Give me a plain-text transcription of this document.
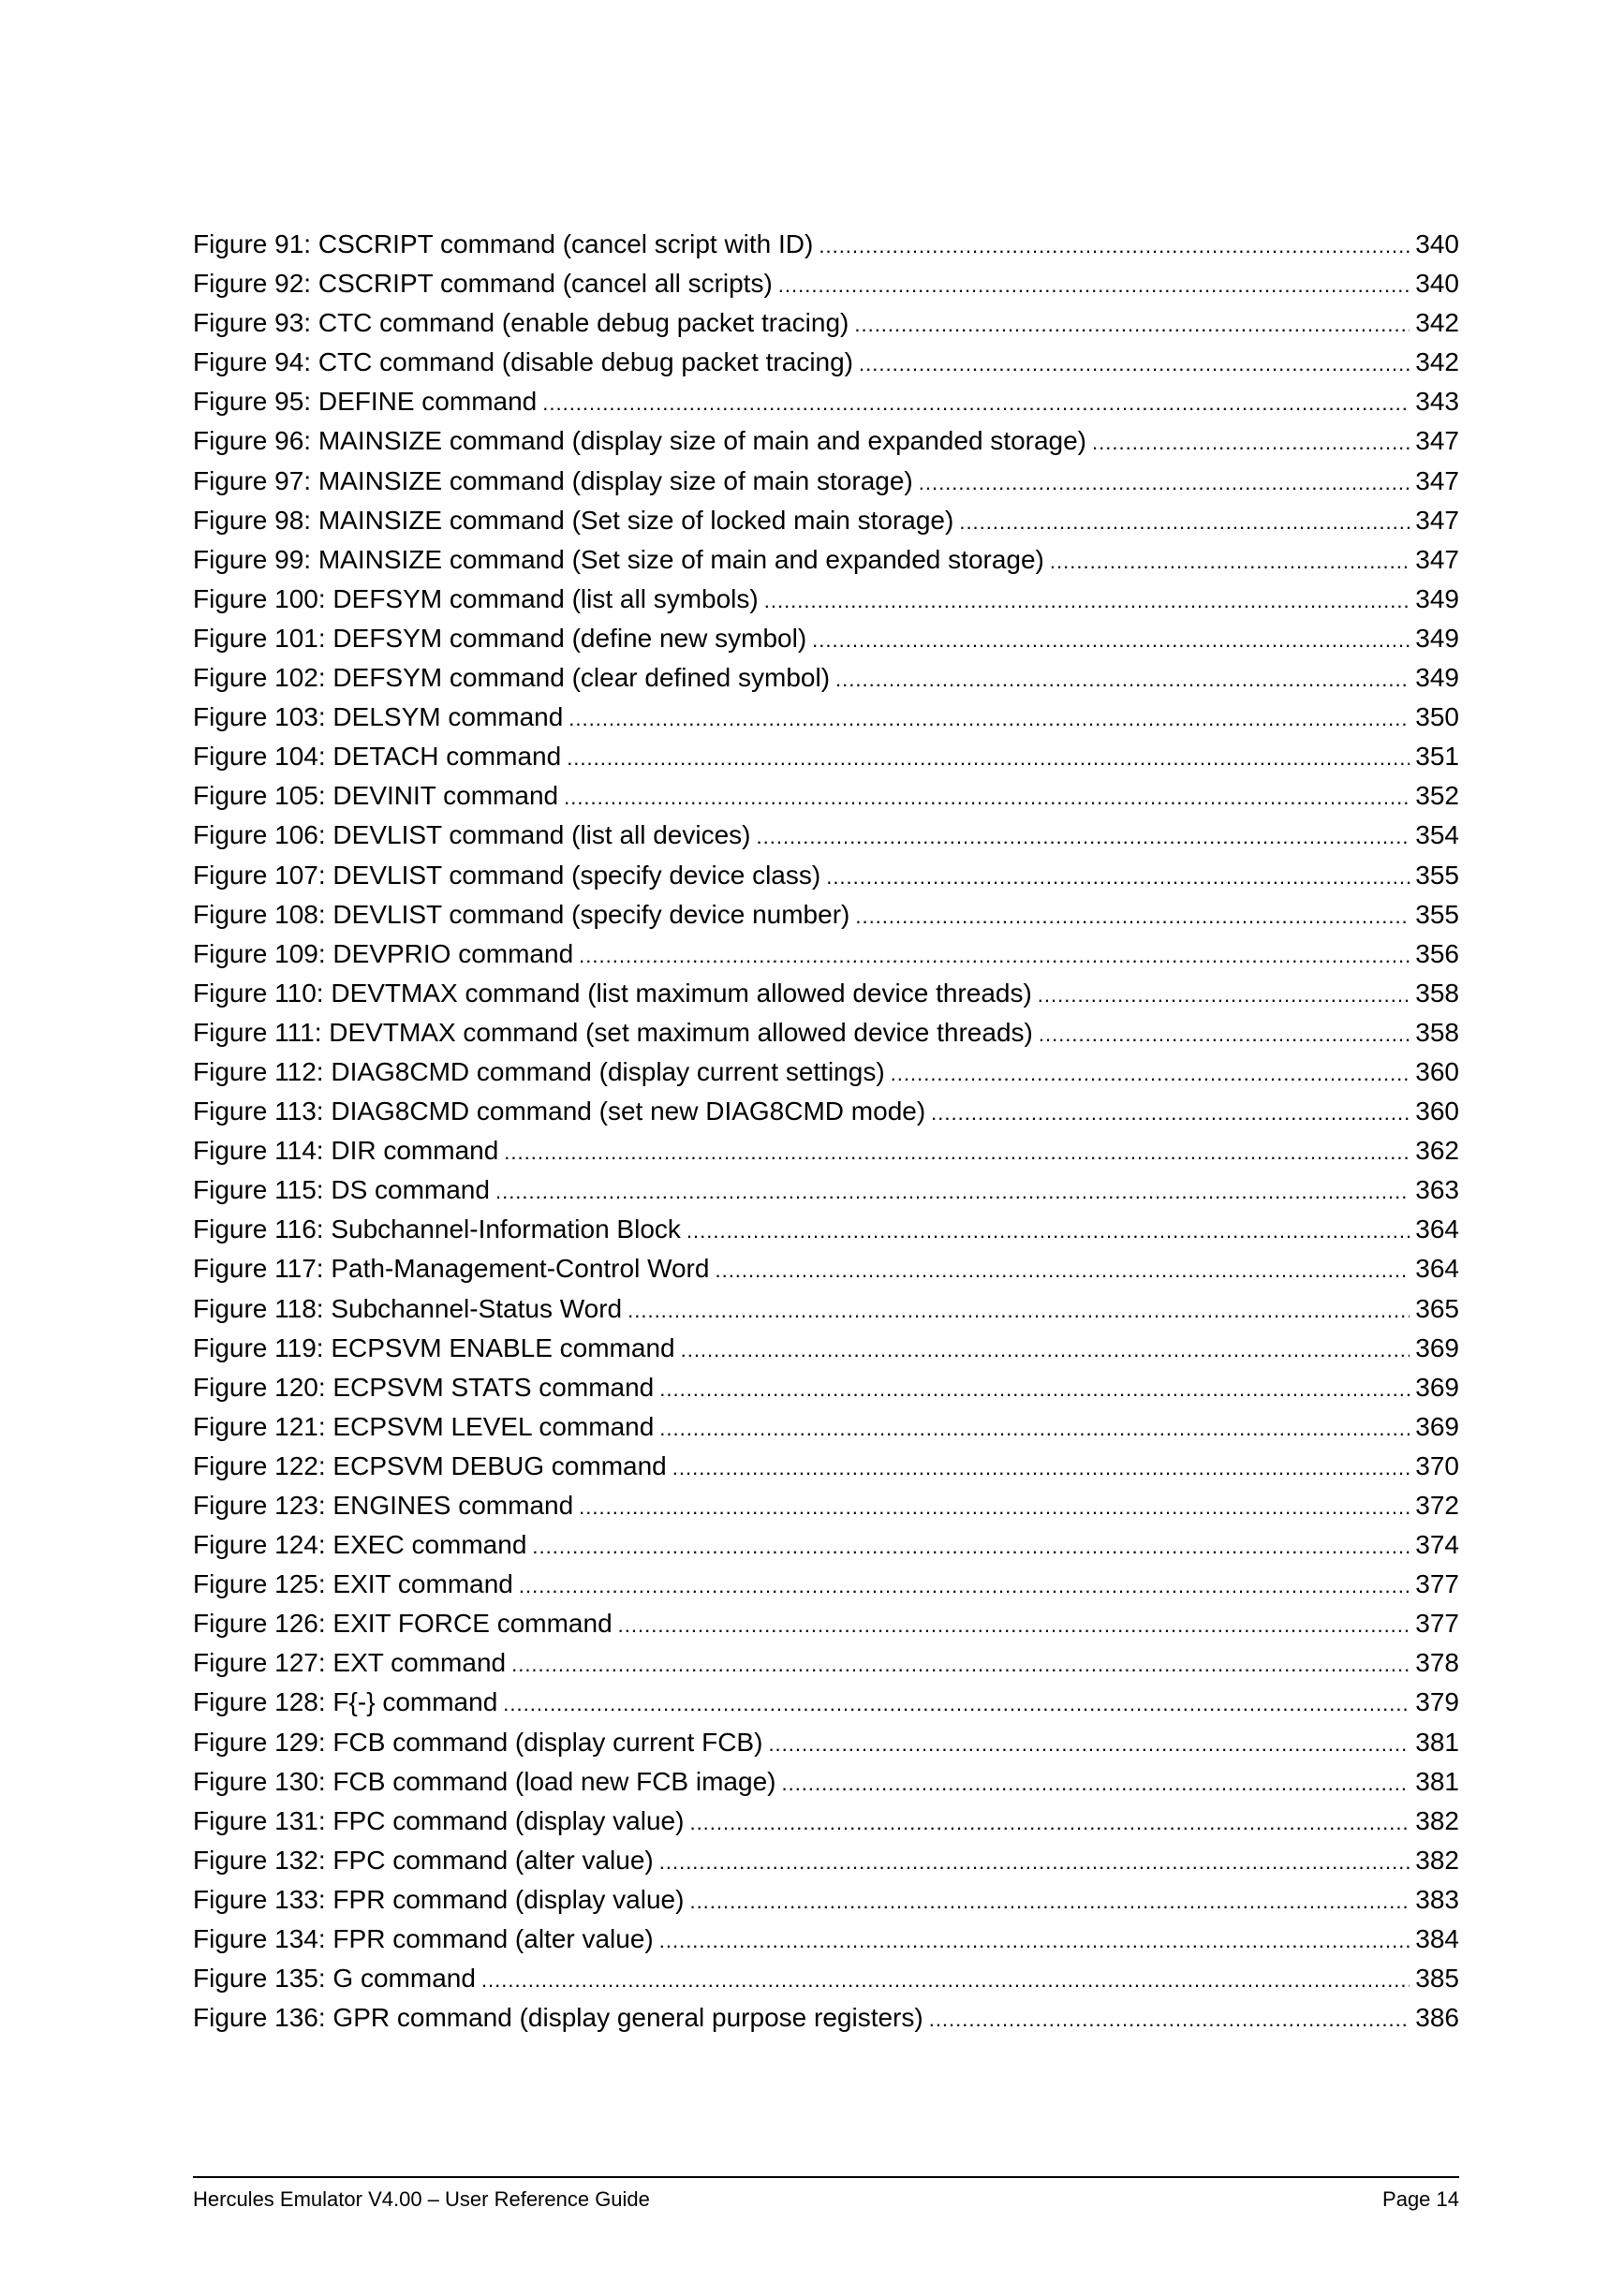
Figure 91: CSCRIPT command (cancel script with ID) .....	340
Figure 92: CSCRIPT command (cancel all scripts) .....	340
Figure 93: CTC command (enable debug packet tracing) .....	342
Figure 94: CTC command (disable debug packet tracing) .....	342
Figure 95: DEFINE command .....	343
Figure 96: MAINSIZE command (display size of main and expanded storage) .....	347
Figure 97: MAINSIZE command (display size of main storage) .....	347
Figure 98: MAINSIZE command (Set size of locked main storage) .....	347
Figure 99: MAINSIZE command (Set size of main and expanded storage) .....	347
Figure 100: DEFSYM command (list all symbols) .....	349
Figure 101: DEFSYM command (define new symbol) .....	349
Figure 102: DEFSYM command (clear defined symbol) .....	349
Figure 103: DELSYM command .....	350
Figure 104: DETACH command .....	351
Figure 105: DEVINIT command .....	352
Figure 106: DEVLIST command (list all devices) .....	354
Figure 107: DEVLIST command (specify device class) .....	355
Figure 108: DEVLIST command (specify device number) .....	355
Figure 109: DEVPRIO command .....	356
Figure 110: DEVTMAX command (list maximum allowed device threads) .....	358
Figure 111: DEVTMAX command (set maximum allowed device threads) .....	358
Figure 112: DIAG8CMD command (display current settings) .....	360
Figure 113: DIAG8CMD command (set new DIAG8CMD mode) .....	360
Figure 114: DIR command .....	362
Figure 115: DS command .....	363
Figure 116: Subchannel-Information Block .....	364
Figure 117: Path-Management-Control Word .....	364
Figure 118: Subchannel-Status Word .....	365
Figure 119: ECPSVM ENABLE command .....	369
Figure 120: ECPSVM STATS command .....	369
Figure 121: ECPSVM LEVEL command .....	369
Figure 122: ECPSVM DEBUG command .....	370
Figure 123: ENGINES command .....	372
Figure 124: EXEC command .....	374
Figure 125: EXIT command .....	377
Figure 126: EXIT FORCE command .....	377
Figure 127: EXT command .....	378
Figure 128: F{-} command .....	379
Figure 129: FCB command (display current FCB) .....	381
Figure 130: FCB command (load new FCB image) .....	381
Figure 131: FPC command (display value) .....	382
Figure 132: FPC command (alter value) .....	382
Figure 133: FPR command (display value) .....	383
Figure 134: FPR command (alter value) .....	384
Figure 135: G command .....	385
Figure 136: GPR command (display general purpose registers) .....	386
Hercules Emulator V4.00 – User Reference Guide	Page 14
